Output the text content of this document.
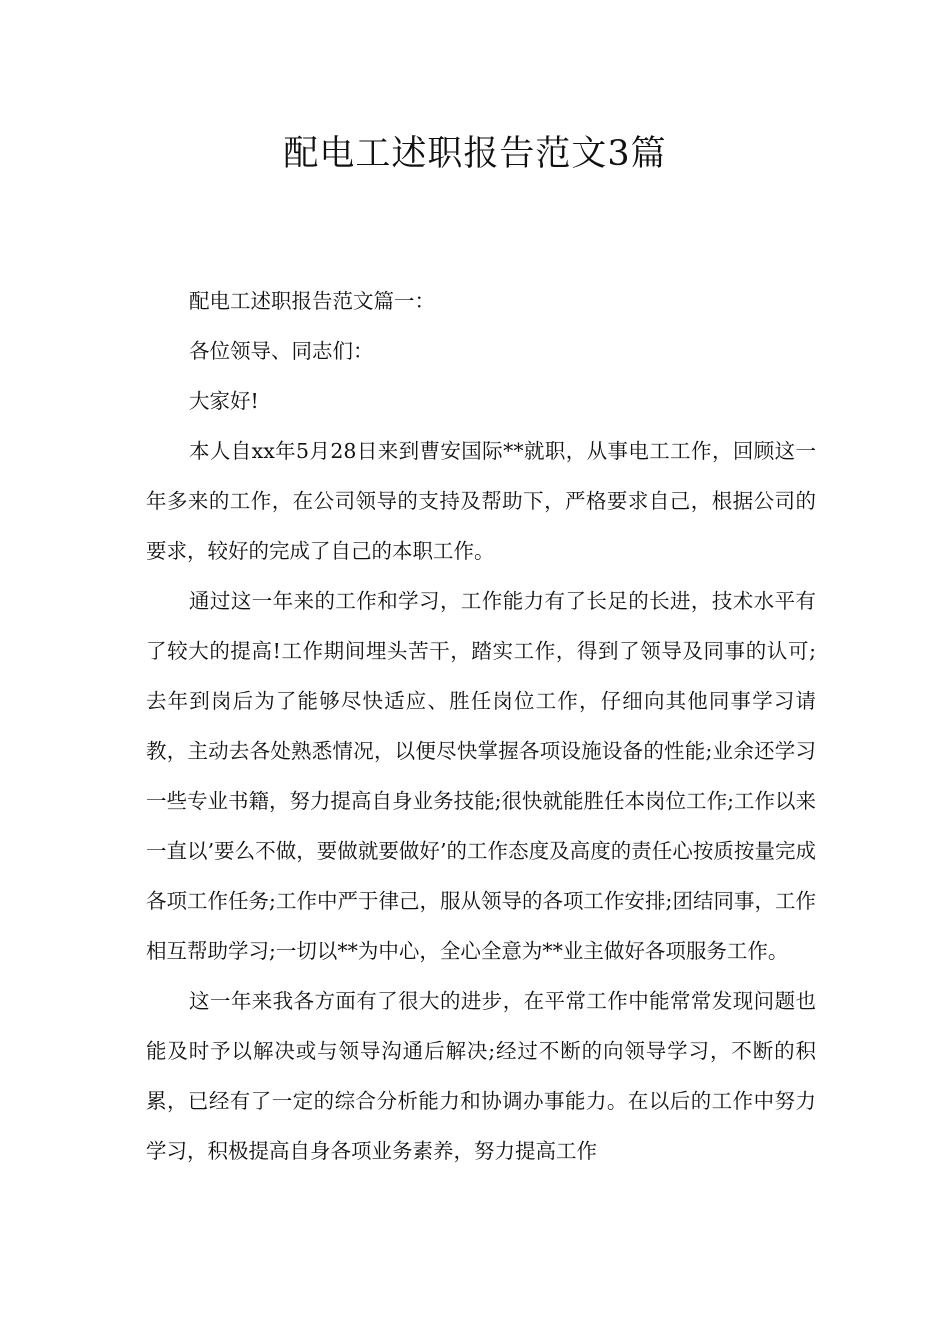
配电工述职报告范文3篇

配电工述职报告范文篇一：

各位领导、同志们：

大家好!

本人自xx年5月28日来到曹安国际**就职，从事电工工作，回顾这一年多来的工作，在公司领导的支持及帮助下，严格要求自己，根据公司的要求，较好的完成了自己的本职工作。

通过这一年来的工作和学习，工作能力有了长足的长进，技术水平有了较大的提高!工作期间埋头苦干，踏实工作，得到了领导及同事的认可;去年到岗后为了能够尽快适应、胜任岗位工作，仔细向其他同事学习请教，主动去各处熟悉情况，以便尽快掌握各项设施设备的性能;业余还学习一些专业书籍，努力提高自身业务技能;很快就能胜任本岗位工作;工作以来一直以’要么不做，要做就要做好’的工作态度及高度的责任心按质按量完成各项工作任务;工作中严于律己，服从领导的各项工作安排;团结同事，工作相互帮助学习;一切以**为中心，全心全意为**业主做好各项服务工作。

这一年来我各方面有了很大的进步，在平常工作中能常常发现问题也能及时予以解决或与领导沟通后解决;经过不断的向领导学习，不断的积累，已经有了一定的综合分析能力和协调办事能力。在以后的工作中努力学习，积极提高自身各项业务素养，努力提高工作
